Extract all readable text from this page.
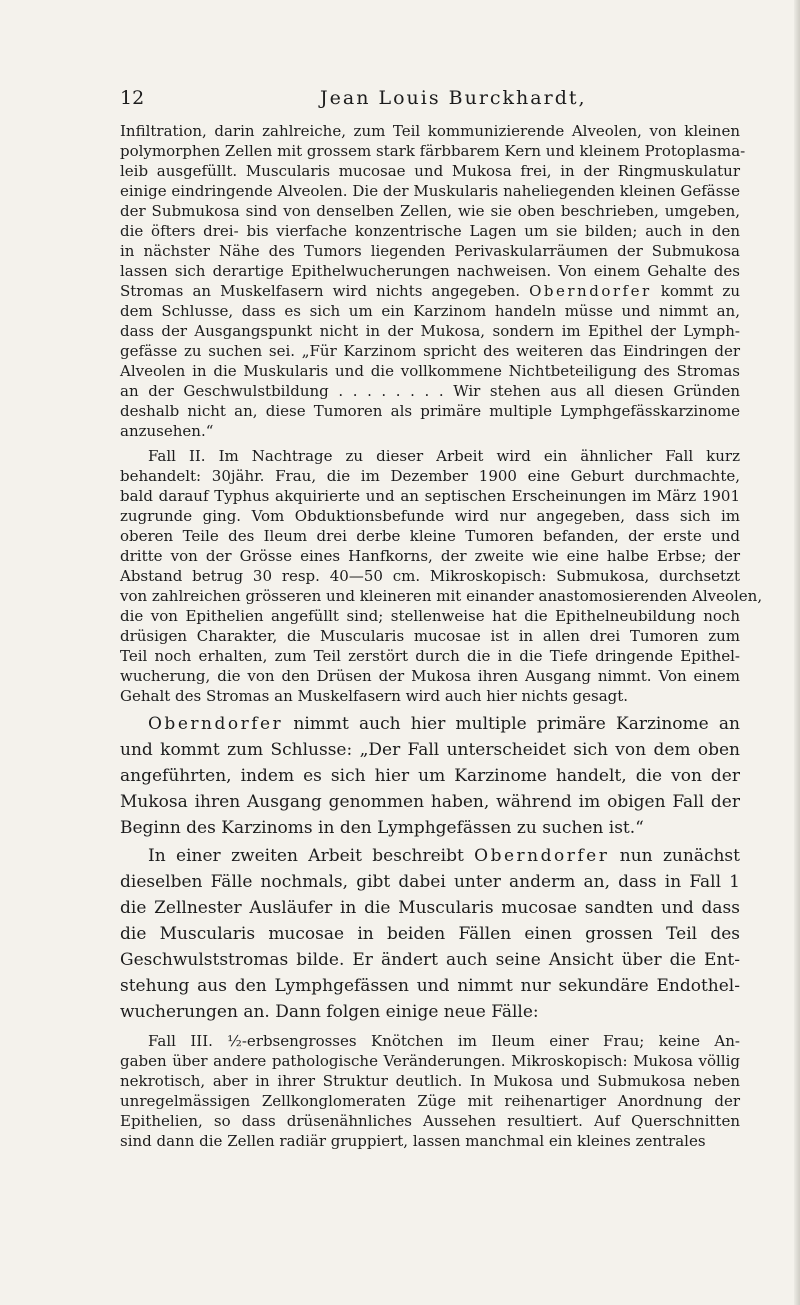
12	Jean Louis Burckhardt,
Infiltration, darin zahlreiche, zum Teil kommunizierende Alveolen, von kleinen
polymorphen Zellen mit grossem stark färbbarem Kern und kleinem Protoplasma-
leib ausgefüllt. Muscularis mucosae und Mukosa frei, in der Ringmuskulatur
einige eindringende Alveolen. Die der Muskularis naheliegenden kleinen Gefässe
der Submukosa sind von denselben Zellen, wie sie oben beschrieben, umgeben,
die öfters drei- bis vierfache konzentrische Lagen um sie bilden; auch in den
in nächster Nähe des Tumors liegenden Perivaskularräumen der Submukosa
lassen sich derartige Epithelwucherungen nachweisen. Von einem Gehalte des
Stromas an Muskelfasern wird nichts angegeben. Oberndorfer kommt zu
dem Schlusse, dass es sich um ein Karzinom handeln müsse und nimmt an,
dass der Ausgangspunkt nicht in der Mukosa, sondern im Epithel der Lymph-
gefässe zu suchen sei. „Für Karzinom spricht des weiteren das Eindringen der
Alveolen in die Muskularis und die vollkommene Nichtbeteiligung des Stromas
an der Geschwulstbildung . . . . . . . . Wir stehen aus all diesen Gründen
deshalb nicht an, diese Tumoren als primäre multiple Lymphgefässkarzinome
anzusehen.“
Fall II. Im Nachtrage zu dieser Arbeit wird ein ähnlicher Fall kurz
behandelt: 30jähr. Frau, die im Dezember 1900 eine Geburt durchmachte,
bald darauf Typhus akquirierte und an septischen Erscheinungen im März 1901
zugrunde ging. Vom Obduktionsbefunde wird nur angegeben, dass sich im
oberen Teile des Ileum drei derbe kleine Tumoren befanden, der erste und
dritte von der Grösse eines Hanfkorns, der zweite wie eine halbe Erbse; der
Abstand betrug 30 resp. 40—50 cm. Mikroskopisch: Submukosa, durchsetzt
von zahlreichen grösseren und kleineren mit einander anastomosierenden Alveolen,
die von Epithelien angefüllt sind; stellenweise hat die Epithelneubildung noch
drüsigen Charakter, die Muscularis mucosae ist in allen drei Tumoren zum
Teil noch erhalten, zum Teil zerstört durch die in die Tiefe dringende Epithel-
wucherung, die von den Drüsen der Mukosa ihren Ausgang nimmt. Von einem
Gehalt des Stromas an Muskelfasern wird auch hier nichts gesagt.
Oberndorfer nimmt auch hier multiple primäre Karzinome an
und kommt zum Schlusse: „Der Fall unterscheidet sich von dem oben
angeführten, indem es sich hier um Karzinome handelt, die von der
Mukosa ihren Ausgang genommen haben, während im obigen Fall der
Beginn des Karzinoms in den Lymphgefässen zu suchen ist.“
In einer zweiten Arbeit beschreibt Oberndorfer nun zunächst
dieselben Fälle nochmals, gibt dabei unter anderm an, dass in Fall 1
die Zellnester Ausläufer in die Muscularis mucosae sandten und dass
die Muscularis mucosae in beiden Fällen einen grossen Teil des
Geschwulststromas bilde. Er ändert auch seine Ansicht über die Ent-
stehung aus den Lymphgefässen und nimmt nur sekundäre Endothel-
wucherungen an. Dann folgen einige neue Fälle:
Fall III. ½-erbsengrosses Knötchen im Ileum einer Frau; keine An-
gaben über andere pathologische Veränderungen. Mikroskopisch: Mukosa völlig
nekrotisch, aber in ihrer Struktur deutlich. In Mukosa und Submukosa neben
unregelmässigen Zellkonglomeraten Züge mit reihenartiger Anordnung der
Epithelien, so dass drüsenähnliches Aussehen resultiert. Auf Querschnitten
sind dann die Zellen radiär gruppiert, lassen manchmal ein kleines zentrales
